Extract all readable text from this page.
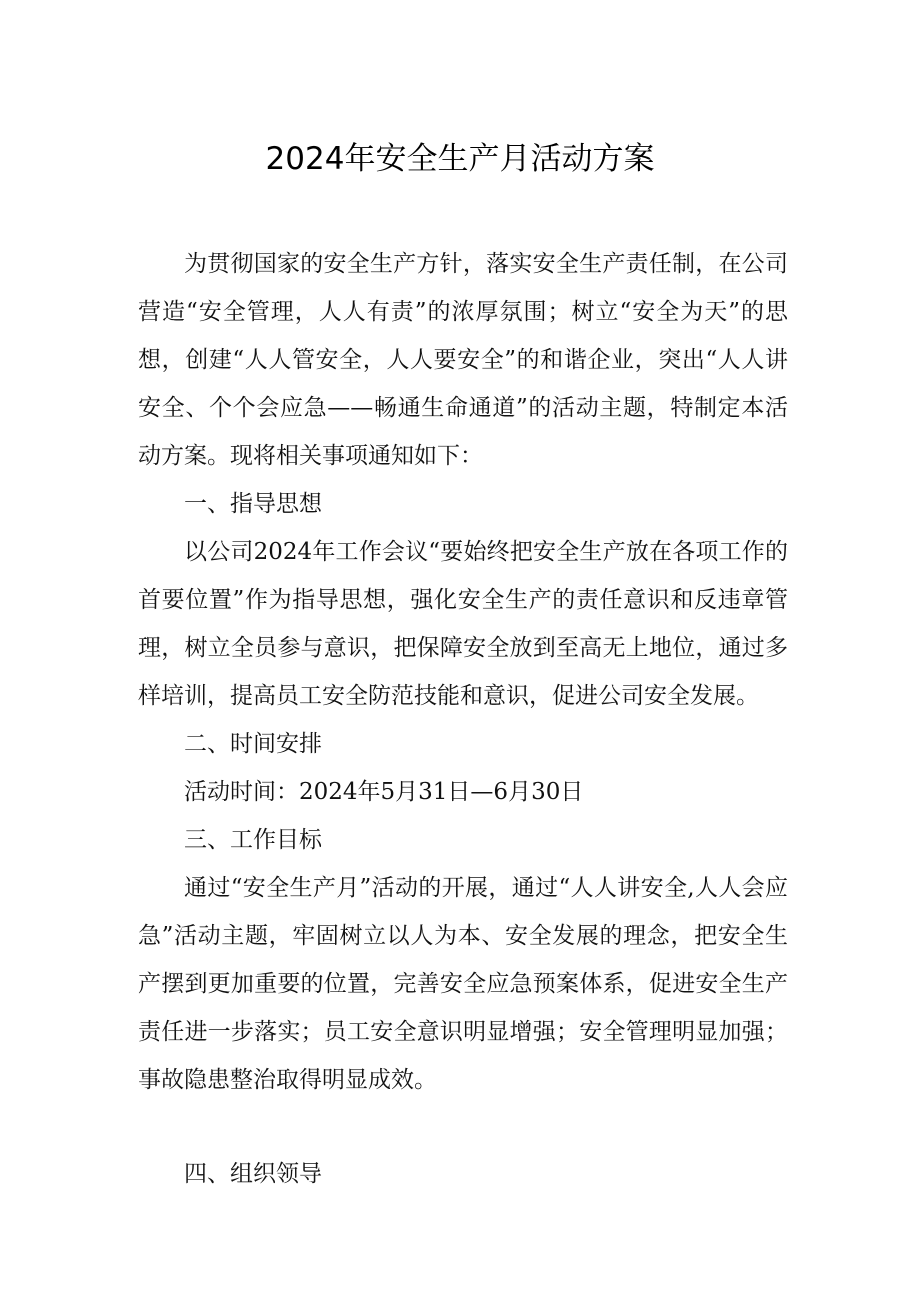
2024年安全生产月活动方案

为贯彻国家的安全生产方针，落实安全生产责任制，在公司营造“安全管理，人人有责”的浓厚氛围；树立“安全为天”的思想，创建“人人管安全，人人要安全”的和谐企业，突出“人人讲安全、个个会应急——畅通生命通道”的活动主题，特制定本活动方案。现将相关事项通知如下：

一、指导思想

以公司2024年工作会议“要始终把安全生产放在各项工作的首要位置”作为指导思想，强化安全生产的责任意识和反违章管理，树立全员参与意识，把保障安全放到至高无上地位，通过多样培训，提高员工安全防范技能和意识，促进公司安全发展。

二、时间安排

活动时间：2024年5月31日—6月30日

三、工作目标

通过“安全生产月”活动的开展，通过“人人讲安全,人人会应急”活动主题，牢固树立以人为本、安全发展的理念，把安全生产摆到更加重要的位置，完善安全应急预案体系，促进安全生产责任进一步落实；员工安全意识明显增强；安全管理明显加强；事故隐患整治取得明显成效。

四、组织领导
